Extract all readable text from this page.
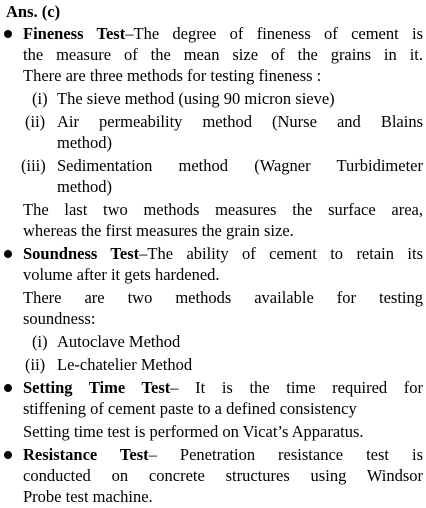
Ans. (c)
Fineness Test–The degree of fineness of cement is
the measure of the mean size of the grains in it.
There are three methods for testing fineness :
(i) The sieve method (using 90 micron sieve)
(ii) Air permeability method (Nurse and Blains
method)
(iii) Sedimentation method (Wagner Turbidimeter
method)
The last two methods measures the surface area,
whereas the first measures the grain size.
Soundness Test–The ability of cement to retain its
volume after it gets hardened.
There are two methods available for testing
soundness:
(i) Autoclave Method
(ii) Le-chatelier Method
Setting Time Test– It is the time required for
stiffening of cement paste to a defined consistency
Setting time test is performed on Vicat’s Apparatus.
Resistance Test– Penetration resistance test is
conducted on concrete structures using Windsor
Probe test machine.
